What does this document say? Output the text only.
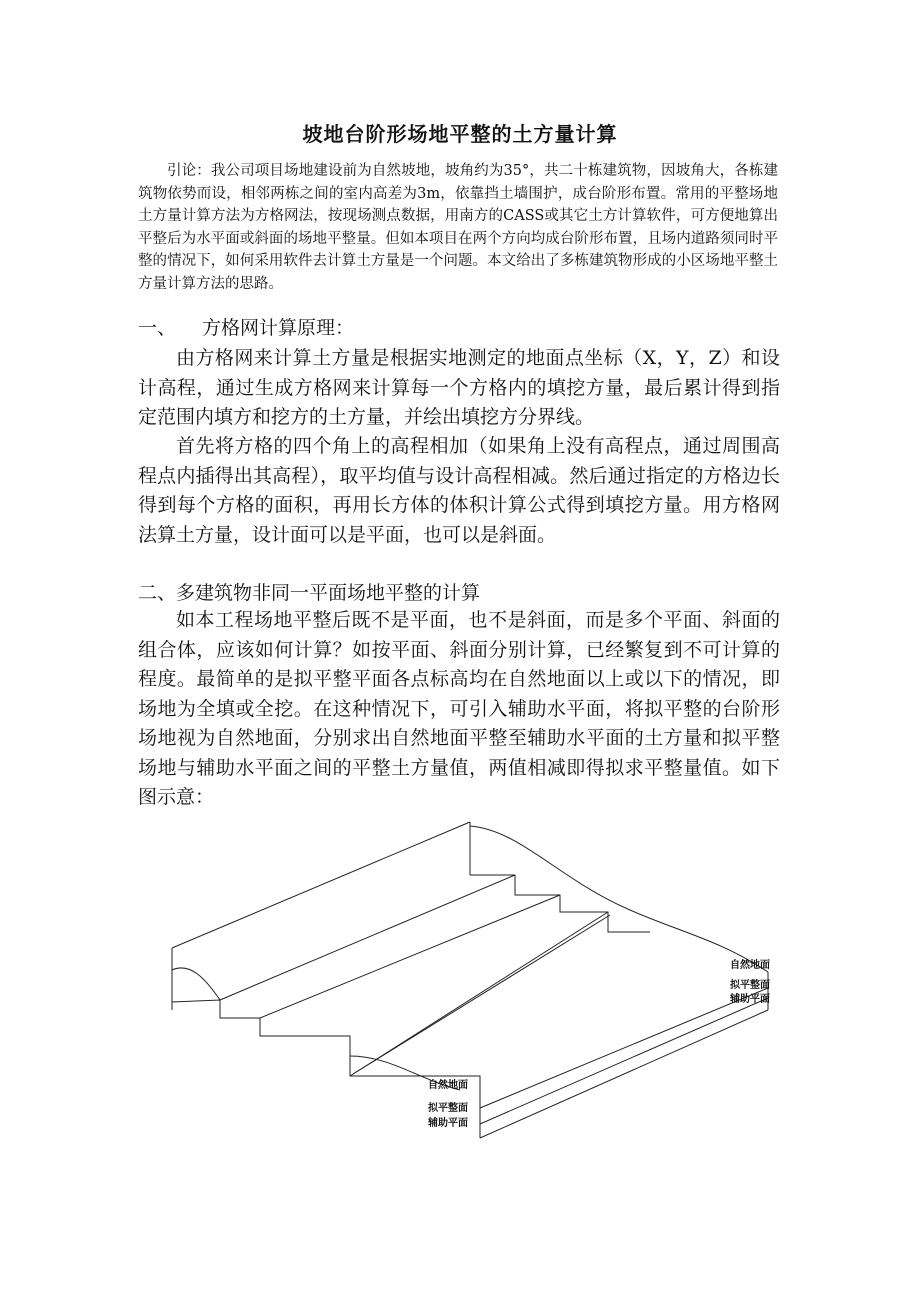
坡地台阶形场地平整的土方量计算

引论：我公司项目场地建设前为自然坡地，坡角约为35°，共二十栋建筑物，因坡角大，各栋建筑物依势而设，相邻两栋之间的室内高差为3m，依靠挡土墙围护，成台阶形布置。常用的平整场地土方量计算方法为方格网法，按现场测点数据，用南方的CASS或其它土方计算软件，可方便地算出平整后为水平面或斜面的场地平整量。但如本项目在两个方向均成台阶形布置，且场内道路须同时平整的情况下，如何采用软件去计算土方量是一个问题。本文给出了多栋建筑物形成的小区场地平整土方量计算方法的思路。

一、 方格网计算原理：

由方格网来计算土方量是根据实地测定的地面点坐标（X，Y，Z）和设计高程，通过生成方格网来计算每一个方格内的填挖方量，最后累计得到指定范围内填方和挖方的土方量，并绘出填挖方分界线。

首先将方格的四个角上的高程相加（如果角上没有高程点，通过周围高程点内插得出其高程），取平均值与设计高程相减。然后通过指定的方格边长得到每个方格的面积，再用长方体的体积计算公式得到填挖方量。用方格网法算土方量，设计面可以是平面，也可以是斜面。

二、多建筑物非同一平面场地平整的计算

如本工程场地平整后既不是平面，也不是斜面，而是多个平面、斜面的组合体，应该如何计算？如按平面、斜面分别计算，已经繁复到不可计算的程度。最简单的是拟平整平面各点标高均在自然地面以上或以下的情况，即场地为全填或全挖。在这种情况下，可引入辅助水平面，将拟平整的台阶形场地视为自然地面，分别求出自然地面平整至辅助水平面的土方量和拟平整场地与辅助水平面之间的平整土方量值，两值相减即得拟求平整量值。如下图示意：

自然地面
拟平整面
辅助平面
自然地面
拟平整面
辅助平面
